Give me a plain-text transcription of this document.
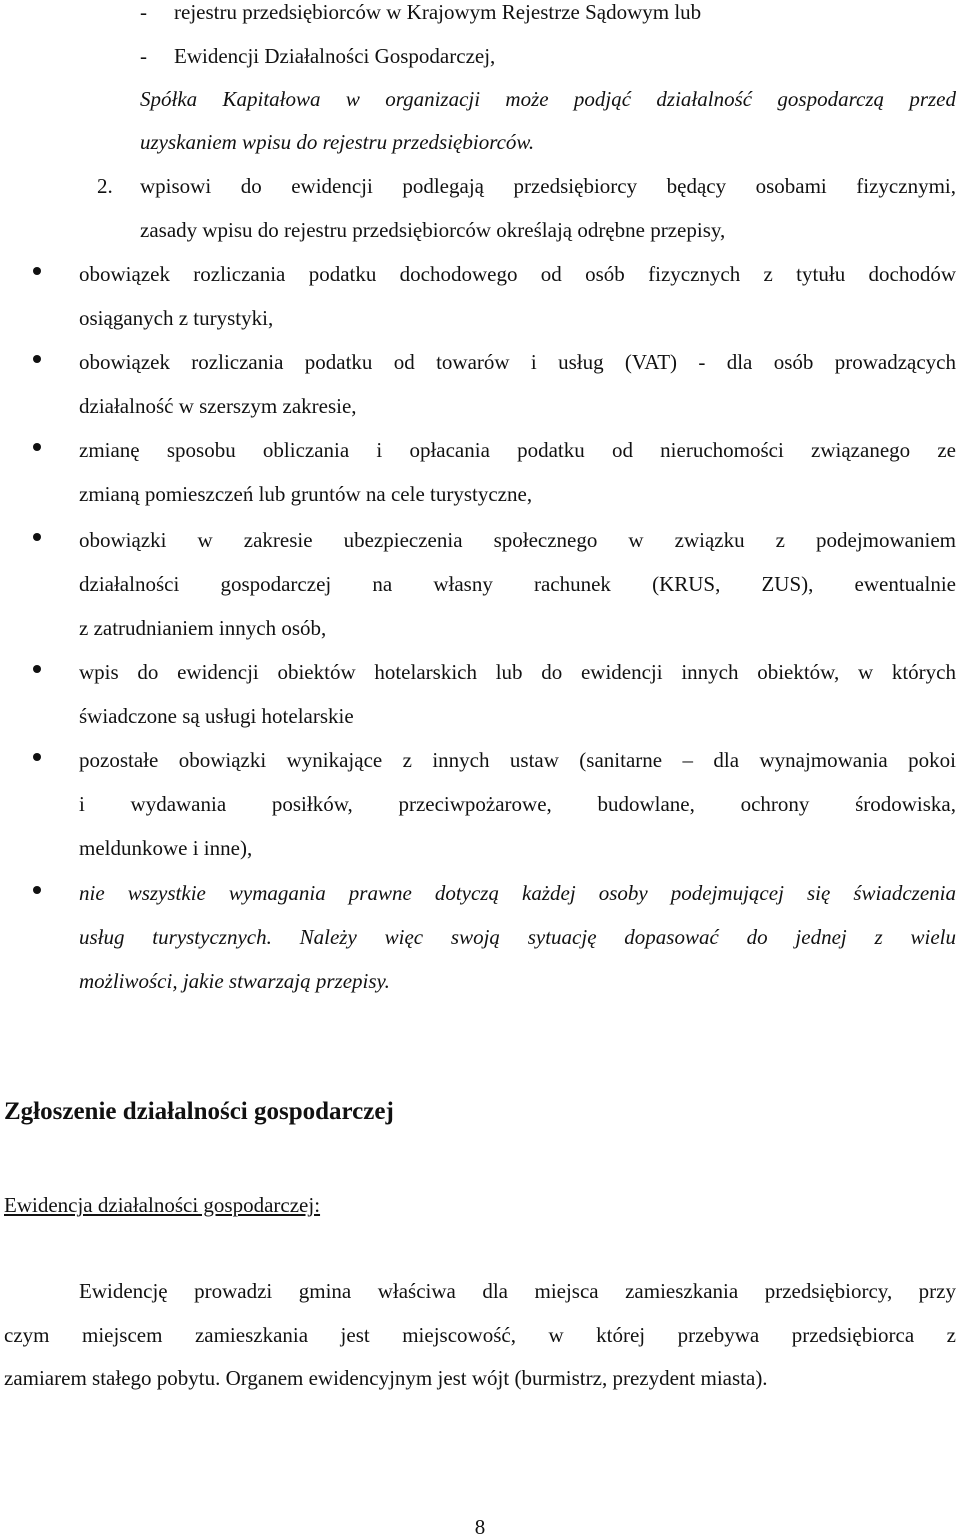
- rejestru przedsiębiorców w Krajowym Rejestrze Sądowym lub
- Ewidencji Działalności Gospodarczej,
Spółka Kapitałowa w organizacji może podjąć działalność gospodarczą przed
uzyskaniem wpisu do rejestru przedsiębiorców.
2. wpisowi do ewidencji podlegają przedsiębiorcy będący osobami fizycznymi,
zasady wpisu do rejestru przedsiębiorców określają odrębne przepisy,
obowiązek rozliczania podatku dochodowego od osób fizycznych z tytułu dochodów
osiąganych z turystyki,
obowiązek rozliczania podatku od towarów i usług (VAT) - dla osób prowadzących
działalność w szerszym zakresie,
zmianę sposobu obliczania i opłacania podatku od nieruchomości związanego ze
zmianą pomieszczeń lub gruntów na cele turystyczne,
obowiązki w zakresie ubezpieczenia społecznego w związku z podejmowaniem
działalności gospodarczej na własny rachunek (KRUS, ZUS), ewentualnie
z zatrudnianiem innych osób,
wpis do ewidencji obiektów hotelarskich lub do ewidencji innych obiektów, w których
świadczone są usługi hotelarskie
pozostałe obowiązki wynikające z innych ustaw (sanitarne – dla wynajmowania pokoi
i wydawania posiłków, przeciwpożarowe, budowlane, ochrony środowiska,
meldunkowe i inne),
nie wszystkie wymagania prawne dotyczą każdej osoby podejmującej się świadczenia
usług turystycznych. Należy więc swoją sytuację dopasować do jednej z wielu
możliwości, jakie stwarzają przepisy.
Zgłoszenie działalności gospodarczej
Ewidencja działalności gospodarczej:
Ewidencję prowadzi gmina właściwa dla miejsca zamieszkania przedsiębiorcy, przy
czym miejscem zamieszkania jest miejscowość, w której przebywa przedsiębiorca z
zamiarem stałego pobytu. Organem ewidencyjnym jest wójt (burmistrz, prezydent miasta).
8
